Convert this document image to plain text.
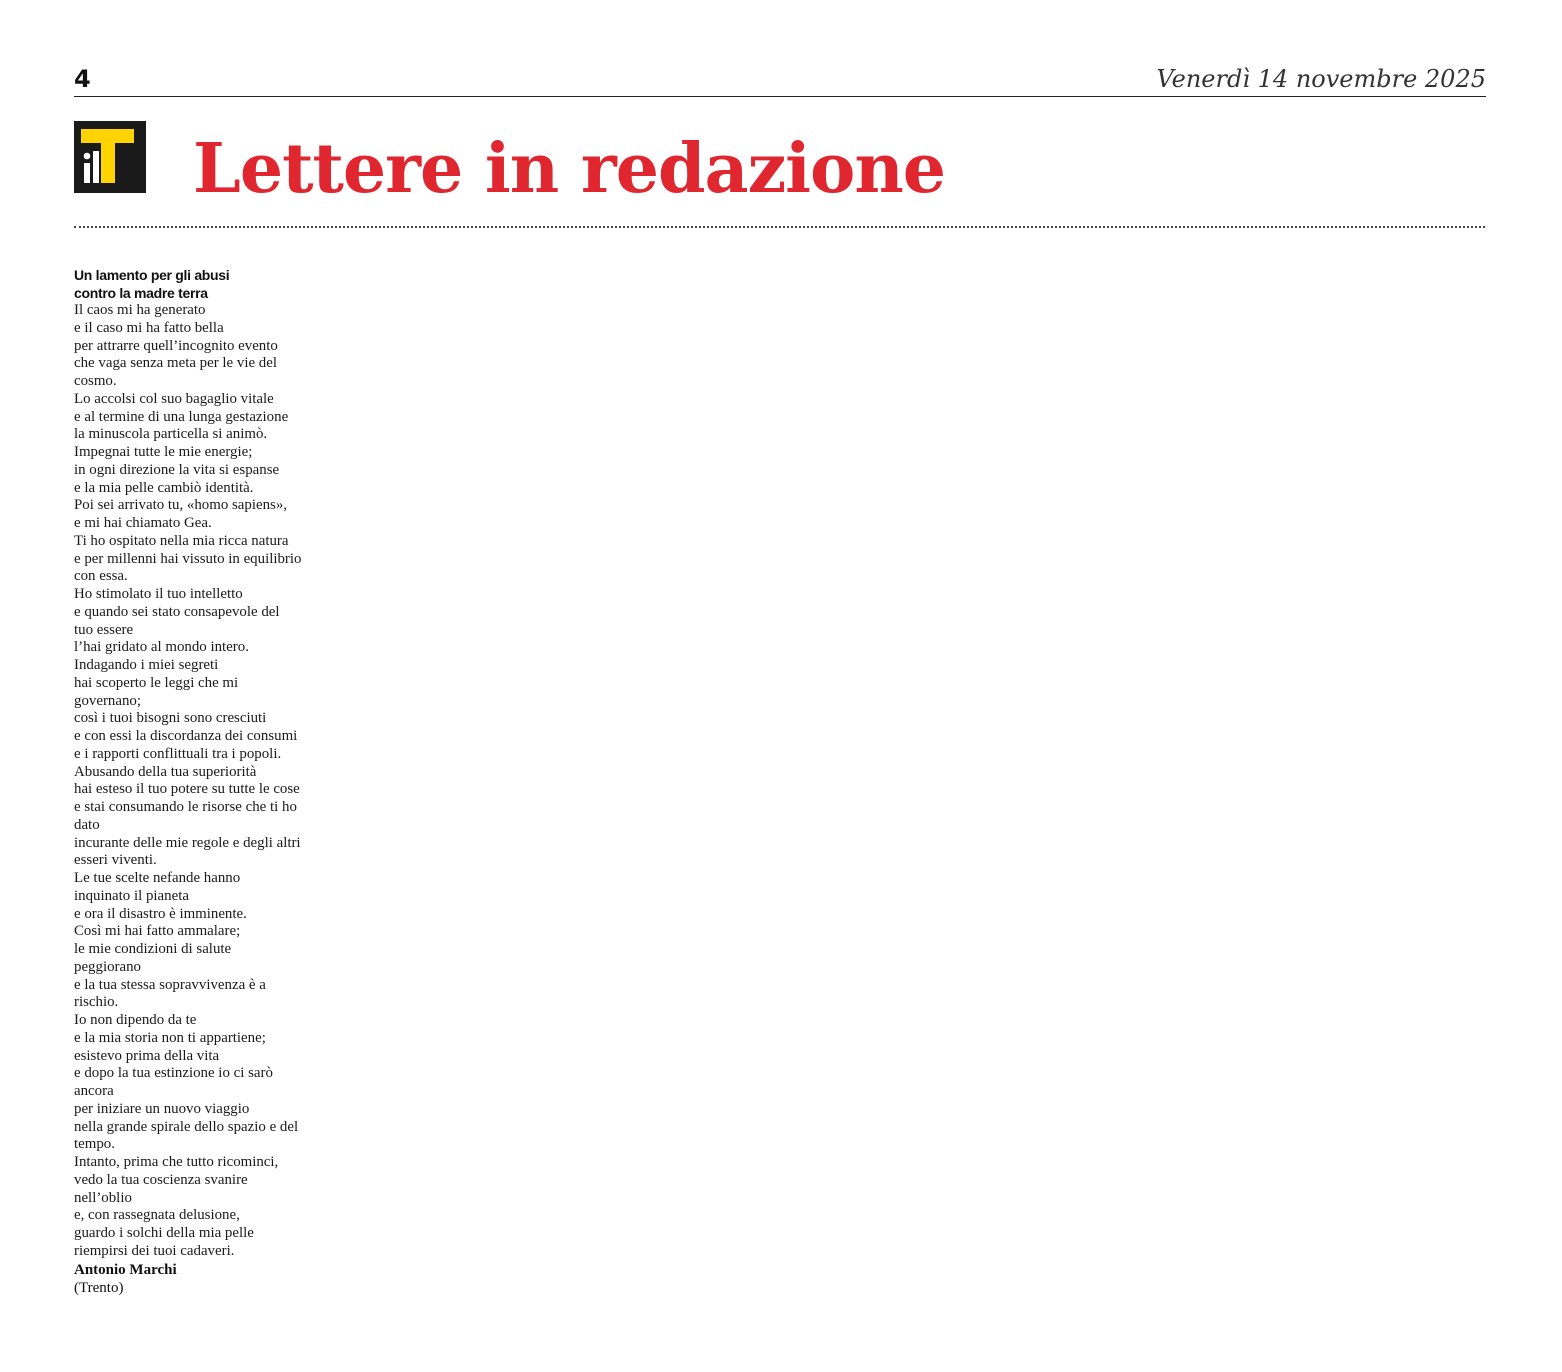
4	Venerdì 14 novembre 2025
Lettere in redazione
Un lamento per gli abusi
contro la madre terra
Il caos mi ha generato
e il caso mi ha fatto bella
per attrarre quell’incognito evento
che vaga senza meta per le vie del
cosmo.
Lo accolsi col suo bagaglio vitale
e al termine di una lunga gestazione
la minuscola particella si animò.
Impegnai tutte le mie energie;
in ogni direzione la vita si espanse
e la mia pelle cambiò identità.
Poi sei arrivato tu, «homo sapiens»,
e mi hai chiamato Gea.
Ti ho ospitato nella mia ricca natura
e per millenni hai vissuto in equilibrio
con essa.
Ho stimolato il tuo intelletto
e quando sei stato consapevole del
tuo essere
l’hai gridato al mondo intero.
Indagando i miei segreti
hai scoperto le leggi che mi
governano;
così i tuoi bisogni sono cresciuti
e con essi la discordanza dei consumi
e i rapporti conflittuali tra i popoli.
Abusando della tua superiorità
hai esteso il tuo potere su tutte le cose
e stai consumando le risorse che ti ho
dato
incurante delle mie regole e degli altri
esseri viventi.
Le tue scelte nefande hanno
inquinato il pianeta
e ora il disastro è imminente.
Così mi hai fatto ammalare;
le mie condizioni di salute
peggiorano
e la tua stessa sopravvivenza è a
rischio.
Io non dipendo da te
e la mia storia non ti appartiene;
esistevo prima della vita
e dopo la tua estinzione io ci sarò
ancora
per iniziare un nuovo viaggio
nella grande spirale dello spazio e del
tempo.
Intanto, prima che tutto ricominci,
vedo la tua coscienza svanire
nell’oblio
e, con rassegnata delusione,
guardo i solchi della mia pelle
riempirsi dei tuoi cadaveri.
Antonio Marchi
(Trento)
